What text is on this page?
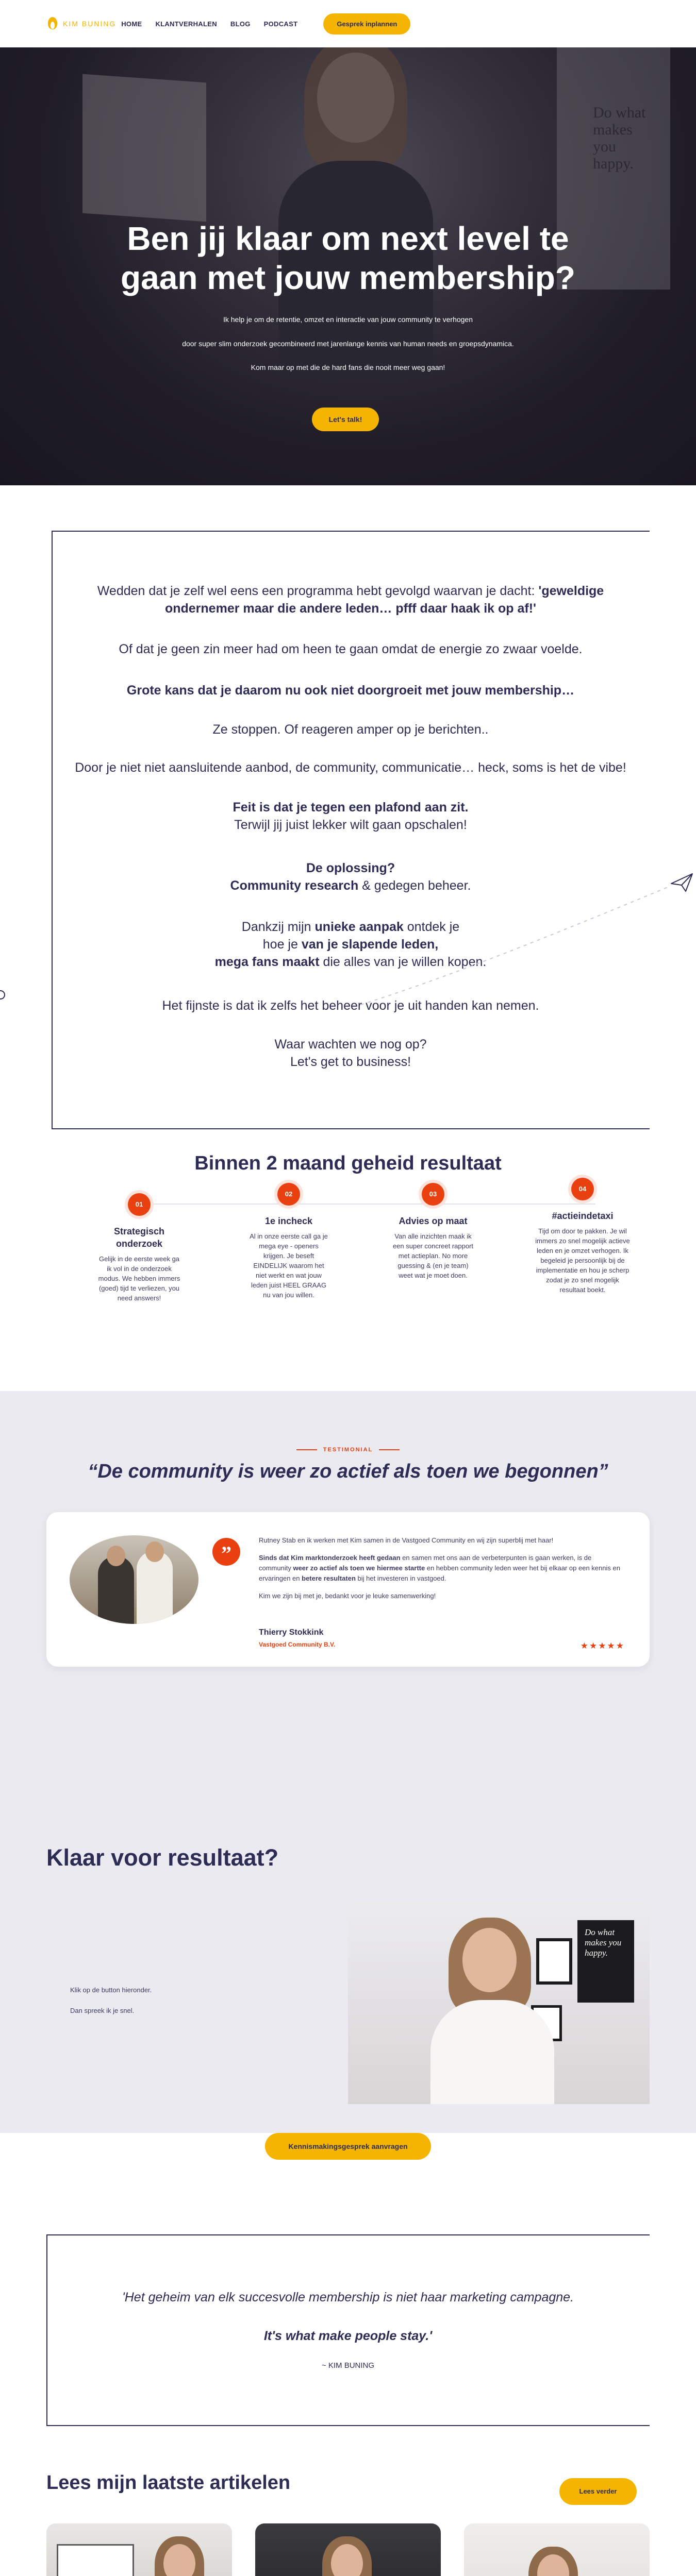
KIM BUNING HOME KLANTVERHALEN BLOG PODCAST	Gesprek inplannen
Do what makes you happy.
Ben jij klaar om next level te
gaan met jouw membership?
Ik help je om de retentie, omzet en interactie van jouw community te verhogen
door super slim onderzoek gecombineerd met jarenlange kennis van human needs en groepsdynamica.
Kom maar op met die de hard fans die nooit meer weg gaan!
Let's talk!

Wedden dat je zelf wel eens een programma hebt gevolgd waarvan je dacht: 'geweldige
ondernemer maar die andere leden… pfff daar haak ik op af!'

Of dat je geen zin meer had om heen te gaan omdat de energie zo zwaar voelde.

Grote kans dat je daarom nu ook niet doorgroeit met jouw membership…

Ze stoppen. Of reageren amper op je berichten..

Door je niet niet aansluitende aanbod, de community, communicatie… heck, soms is het de vibe!

Feit is dat je tegen een plafond aan zit.
Terwijl jij juist lekker wilt gaan opschalen!

De oplossing?
Community research & gedegen beheer.

Dankzij mijn unieke aanpak ontdek je
hoe je van je slapende leden,
mega fans maakt die alles van je willen kopen.

Het fijnste is dat ik zelfs het beheer voor je uit handen kan nemen.

Waar wachten we nog op?
Let's get to business!

Binnen 2 maand geheid resultaat
01
Strategisch onderzoek

Gelijk in de eerste week ga ik vol in de onderzoek modus. We hebben immers (goed) tijd te verliezen, you need answers!

02
1e incheck

Al in onze eerste call ga je mega eye - openers krijgen. Je beseft EINDELIJK waarom het niet werkt en wat jouw leden juist HEEL GRAAG nu van jou willen.

03
Advies op maat

Van alle inzichten maak ik een super concreet rapport met actieplan. No more guessing & (en je team) weet wat je moet doen.

04
#actieindetaxi

Tijd om door te pakken. Je wil immers zo snel mogelijk actieve leden en je omzet verhogen. Ik begeleid je persoonlijk bij de implementatie en hou je scherp zodat je zo snel mogelijk resultaat boekt.

TESTIMONIAL
“De community is weer zo actief als toen we begonnen”
”

Rutney Stab en ik werken met Kim samen in de Vastgoed Community en wij zijn superblij met haar!

Sinds dat Kim marktonderzoek heeft gedaan en samen met ons aan de verbeterpunten is gaan werken, is de community weer zo actief als toen we hiermee startte en hebben community leden weer het bij elkaar op een kennis en ervaringen en betere resultaten bij het investeren in vastgoed.

Kim we zijn bij met je, bedankt voor je leuke samenwerking!

Thierry Stokkink
Vastgoed Community B.V.	★★★★★
Klaar voor resultaat?
Klik op de button hieronder.
Dan spreek ik je snel.
Do what makes you happy.
Kennismakingsgesprek aanvragen
'Het geheim van elk succesvolle membership is niet haar marketing campagne.
It's what make people stay.'
~ KIM BUNING
Lees mijn laatste artikelen	Lees verder
